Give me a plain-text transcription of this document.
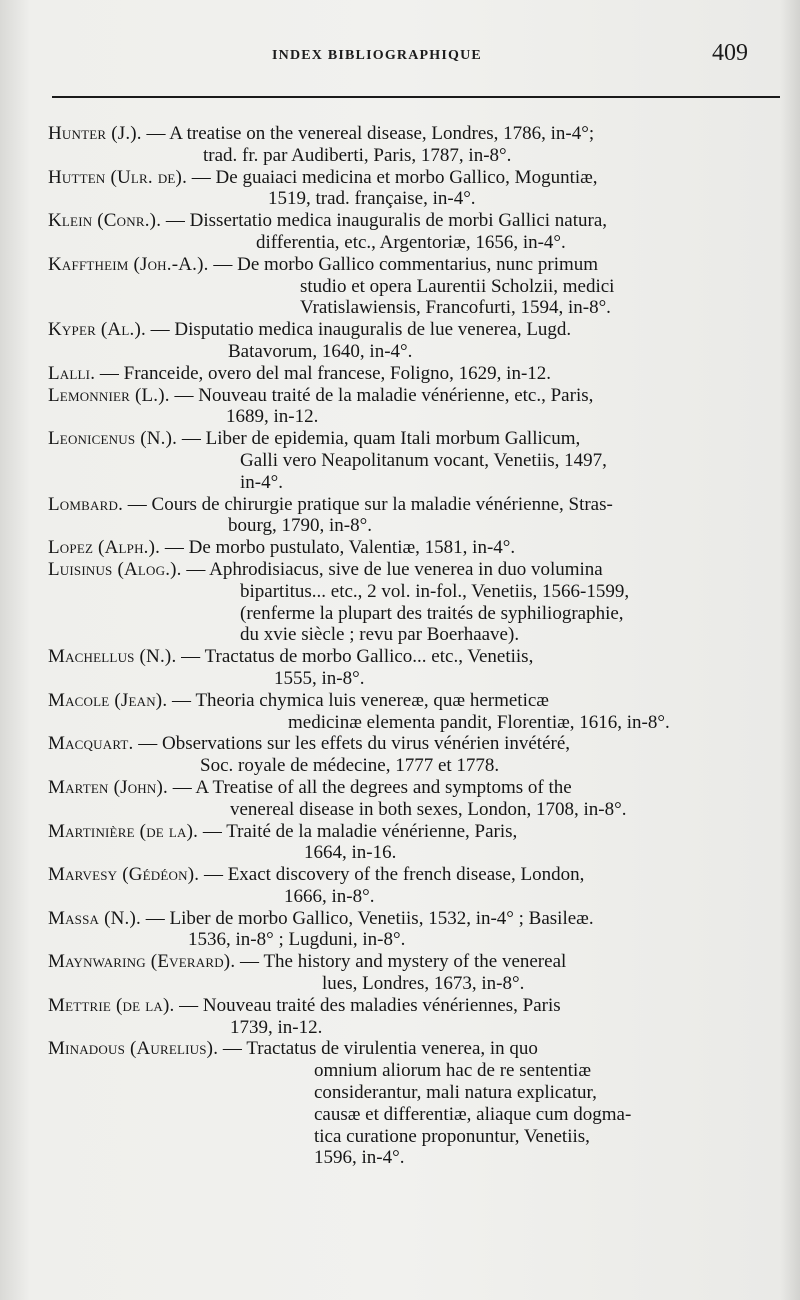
INDEX BIBLIOGRAPHIQUE	409
Hunter (J.). — A treatise on the venereal disease, Londres, 1786, in-4°;
trad. fr. par Audiberti, Paris, 1787, in-8°.
Hutten (Ulr. de). — De guaiaci medicina et morbo Gallico, Moguntiæ,
1519, trad. française, in-4°.
Klein (Conr.). — Dissertatio medica inauguralis de morbi Gallici natura,
differentia, etc., Argentoriæ, 1656, in-4°.
Kafftheim (Joh.-A.). — De morbo Gallico commentarius, nunc primum
studio et opera Laurentii Scholzii, medici
Vratislawiensis, Francofurti, 1594, in-8°.
Kyper (Al.). — Disputatio medica inauguralis de lue venerea, Lugd.
Batavorum, 1640, in-4°.
Lalli. — Franceide, overo del mal francese, Foligno, 1629, in-12.
Lemonnier (L.). — Nouveau traité de la maladie vénérienne, etc., Paris,
1689, in-12.
Leonicenus (N.). — Liber de epidemia, quam Itali morbum Gallicum,
Galli vero Neapolitanum vocant, Venetiis, 1497,
in-4°.
Lombard. — Cours de chirurgie pratique sur la maladie vénérienne, Stras-
bourg, 1790, in-8°.
Lopez (Alph.). — De morbo pustulato, Valentiæ, 1581, in-4°.
Luisinus (Alog.). — Aphrodisiacus, sive de lue venerea in duo volumina
bipartitus... etc., 2 vol. in-fol., Venetiis, 1566-1599,
(renferme la plupart des traités de syphiliographie,
du xvie siècle ; revu par Boerhaave).
Machellus (N.). — Tractatus de morbo Gallico... etc., Venetiis,
1555, in-8°.
Macole (Jean). — Theoria chymica luis venereæ, quæ hermeticæ
medicinæ elementa pandit, Florentiæ, 1616, in-8°.
Macquart. — Observations sur les effets du virus vénérien invétéré,
Soc. royale de médecine, 1777 et 1778.
Marten (John). — A Treatise of all the degrees and symptoms of the
venereal disease in both sexes, London, 1708, in-8°.
Martinière (de la). — Traité de la maladie vénérienne, Paris,
1664, in-16.
Marvesy (Gédéon). — Exact discovery of the french disease, London,
1666, in-8°.
Massa (N.). — Liber de morbo Gallico, Venetiis, 1532, in-4° ; Basileæ.
1536, in-8° ; Lugduni, in-8°.
Maynwaring (Everard). — The history and mystery of the venereal
lues, Londres, 1673, in-8°.
Mettrie (de la). — Nouveau traité des maladies vénériennes, Paris
1739, in-12.
Minadous (Aurelius). — Tractatus de virulentia venerea, in quo
omnium aliorum hac de re sententiæ
considerantur, mali natura explicatur,
causæ et differentiæ, aliaque cum dogma-
tica curatione proponuntur, Venetiis,
1596, in-4°.
